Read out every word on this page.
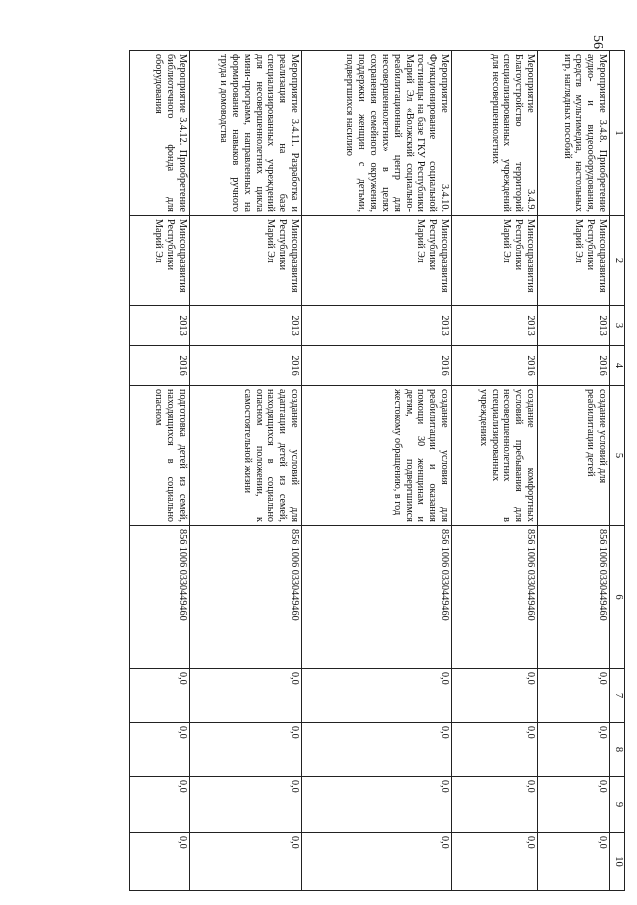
56
1	2	3	4	5	6	7	8	9	10
Мероприятие 3.4.8. Приобретение аудио- и видеооборудования, средств мультимедиа, настольных игр, наглядных пособий	Минсоцразвития Республики Марий Эл	2013	2016	создание условий для реабилитации детей	856 1006 0330449460	0,0	0,0	0,0	0,0
Мероприятие 3.4.9. Благоустройство территорий специализированных учреждений для несовершеннолетних	Минсоцразвития Республики Марий Эл	2013	2016	создание комфортных условий пребывания для несовершеннолетних в специализированных учреждениях	856 1006 0330449460	0,0	0,0	0,0	0,0
Мероприятие 3.4.10. Функционирование социальной гостиницы на базе ГКУ Республики Марий Эл «Волжский социально-реабилитационный центр для несовершеннолетних» в целях сохранения семейного окружения, поддержки женщин с детьми, подвергшихся насилию	Минсоцразвития Республики Марий Эл	2013	2016	создание условия для реабилитации и оказания помощи 30 женщинам и детям, подвергшимся жестокому обращению, в год	856 1006 0330449460	0,0	0,0	0,0	0,0
Мероприятие 3.4.11. Разработка и реализация на базе специализированных учреждений для несовершеннолетних цикла мини-программ, направленных на формирование навыков ручного труда и домоводства	Минсоцразвития Республики Марий Эл	2013	2016	создание условий для адаптации детей из семей, находящихся в социально опасном положении, к самостоятельной жизни	856 1006 0330449460	0,0	0,0	0,0	0,0
Мероприятие 3.4.12. Приобретение библиотечного фонда для оборудования	Минсоцразвития Республики Марий Эл	2013	2016	подготовка детей из семей, находящихся в социально опасном	856 1006 0330449460	0,0	0,0	0,0	0,0
